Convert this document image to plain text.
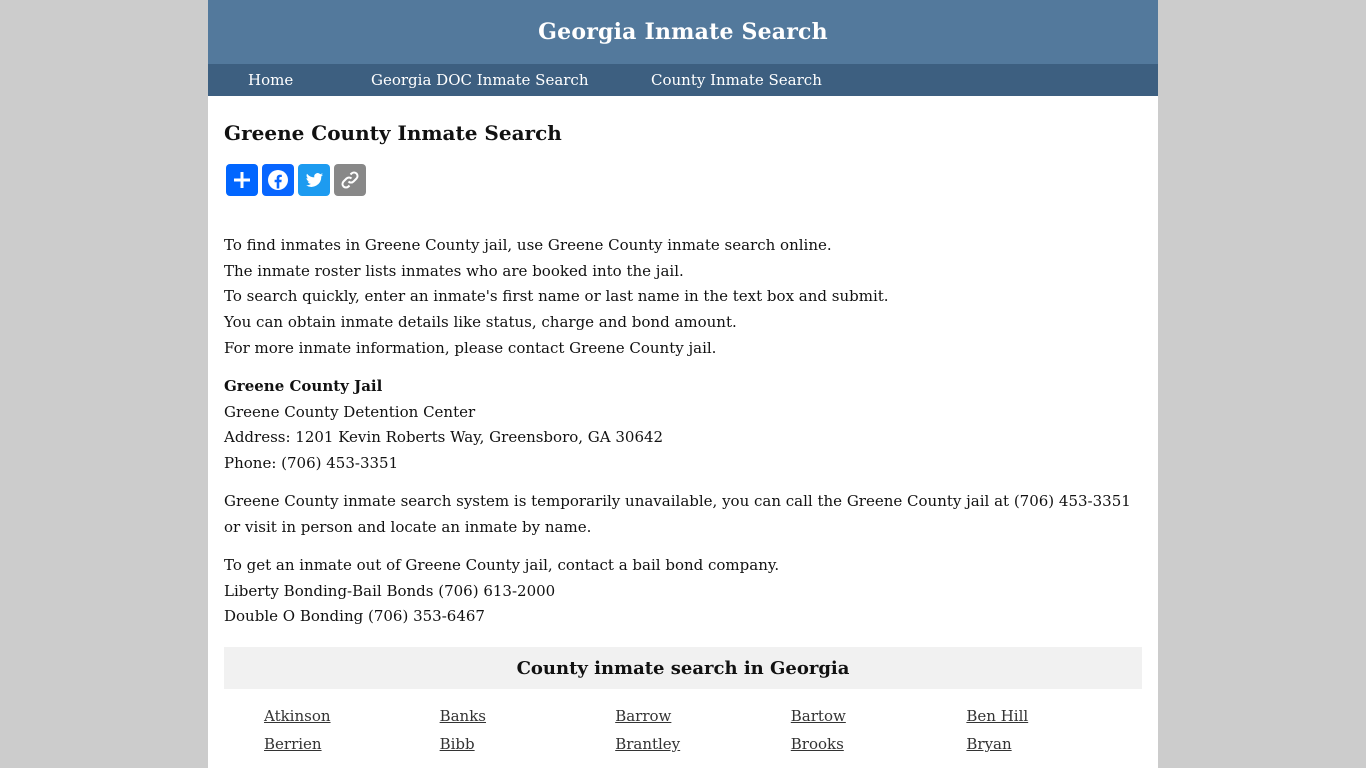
Georgia Inmate Search
Home	Georgia DOC Inmate Search	County Inmate Search
Greene County Inmate Search

To find inmates in Greene County jail, use Greene County inmate search online.

The inmate roster lists inmates who are booked into the jail.

To search quickly, enter an inmate's first name or last name in the text box and submit.

You can obtain inmate details like status, charge and bond amount.

For more inmate information, please contact Greene County jail.

Greene County Jail

Greene County Detention Center

Address: 1201 Kevin Roberts Way, Greensboro, GA 30642

Phone: (706) 453-3351

Greene County inmate search system is temporarily unavailable, you can call the Greene County jail at (706) 453-3351 or visit in person and locate an inmate by name.

To get an inmate out of Greene County jail, contact a bail bond company.

Liberty Bonding-Bail Bonds (706) 613-2000

Double O Bonding (706) 353-6467

County inmate search in Georgia
Atkinson	Banks	Barrow	Bartow	Ben Hill
Berrien	Bibb	Brantley	Brooks	Bryan
